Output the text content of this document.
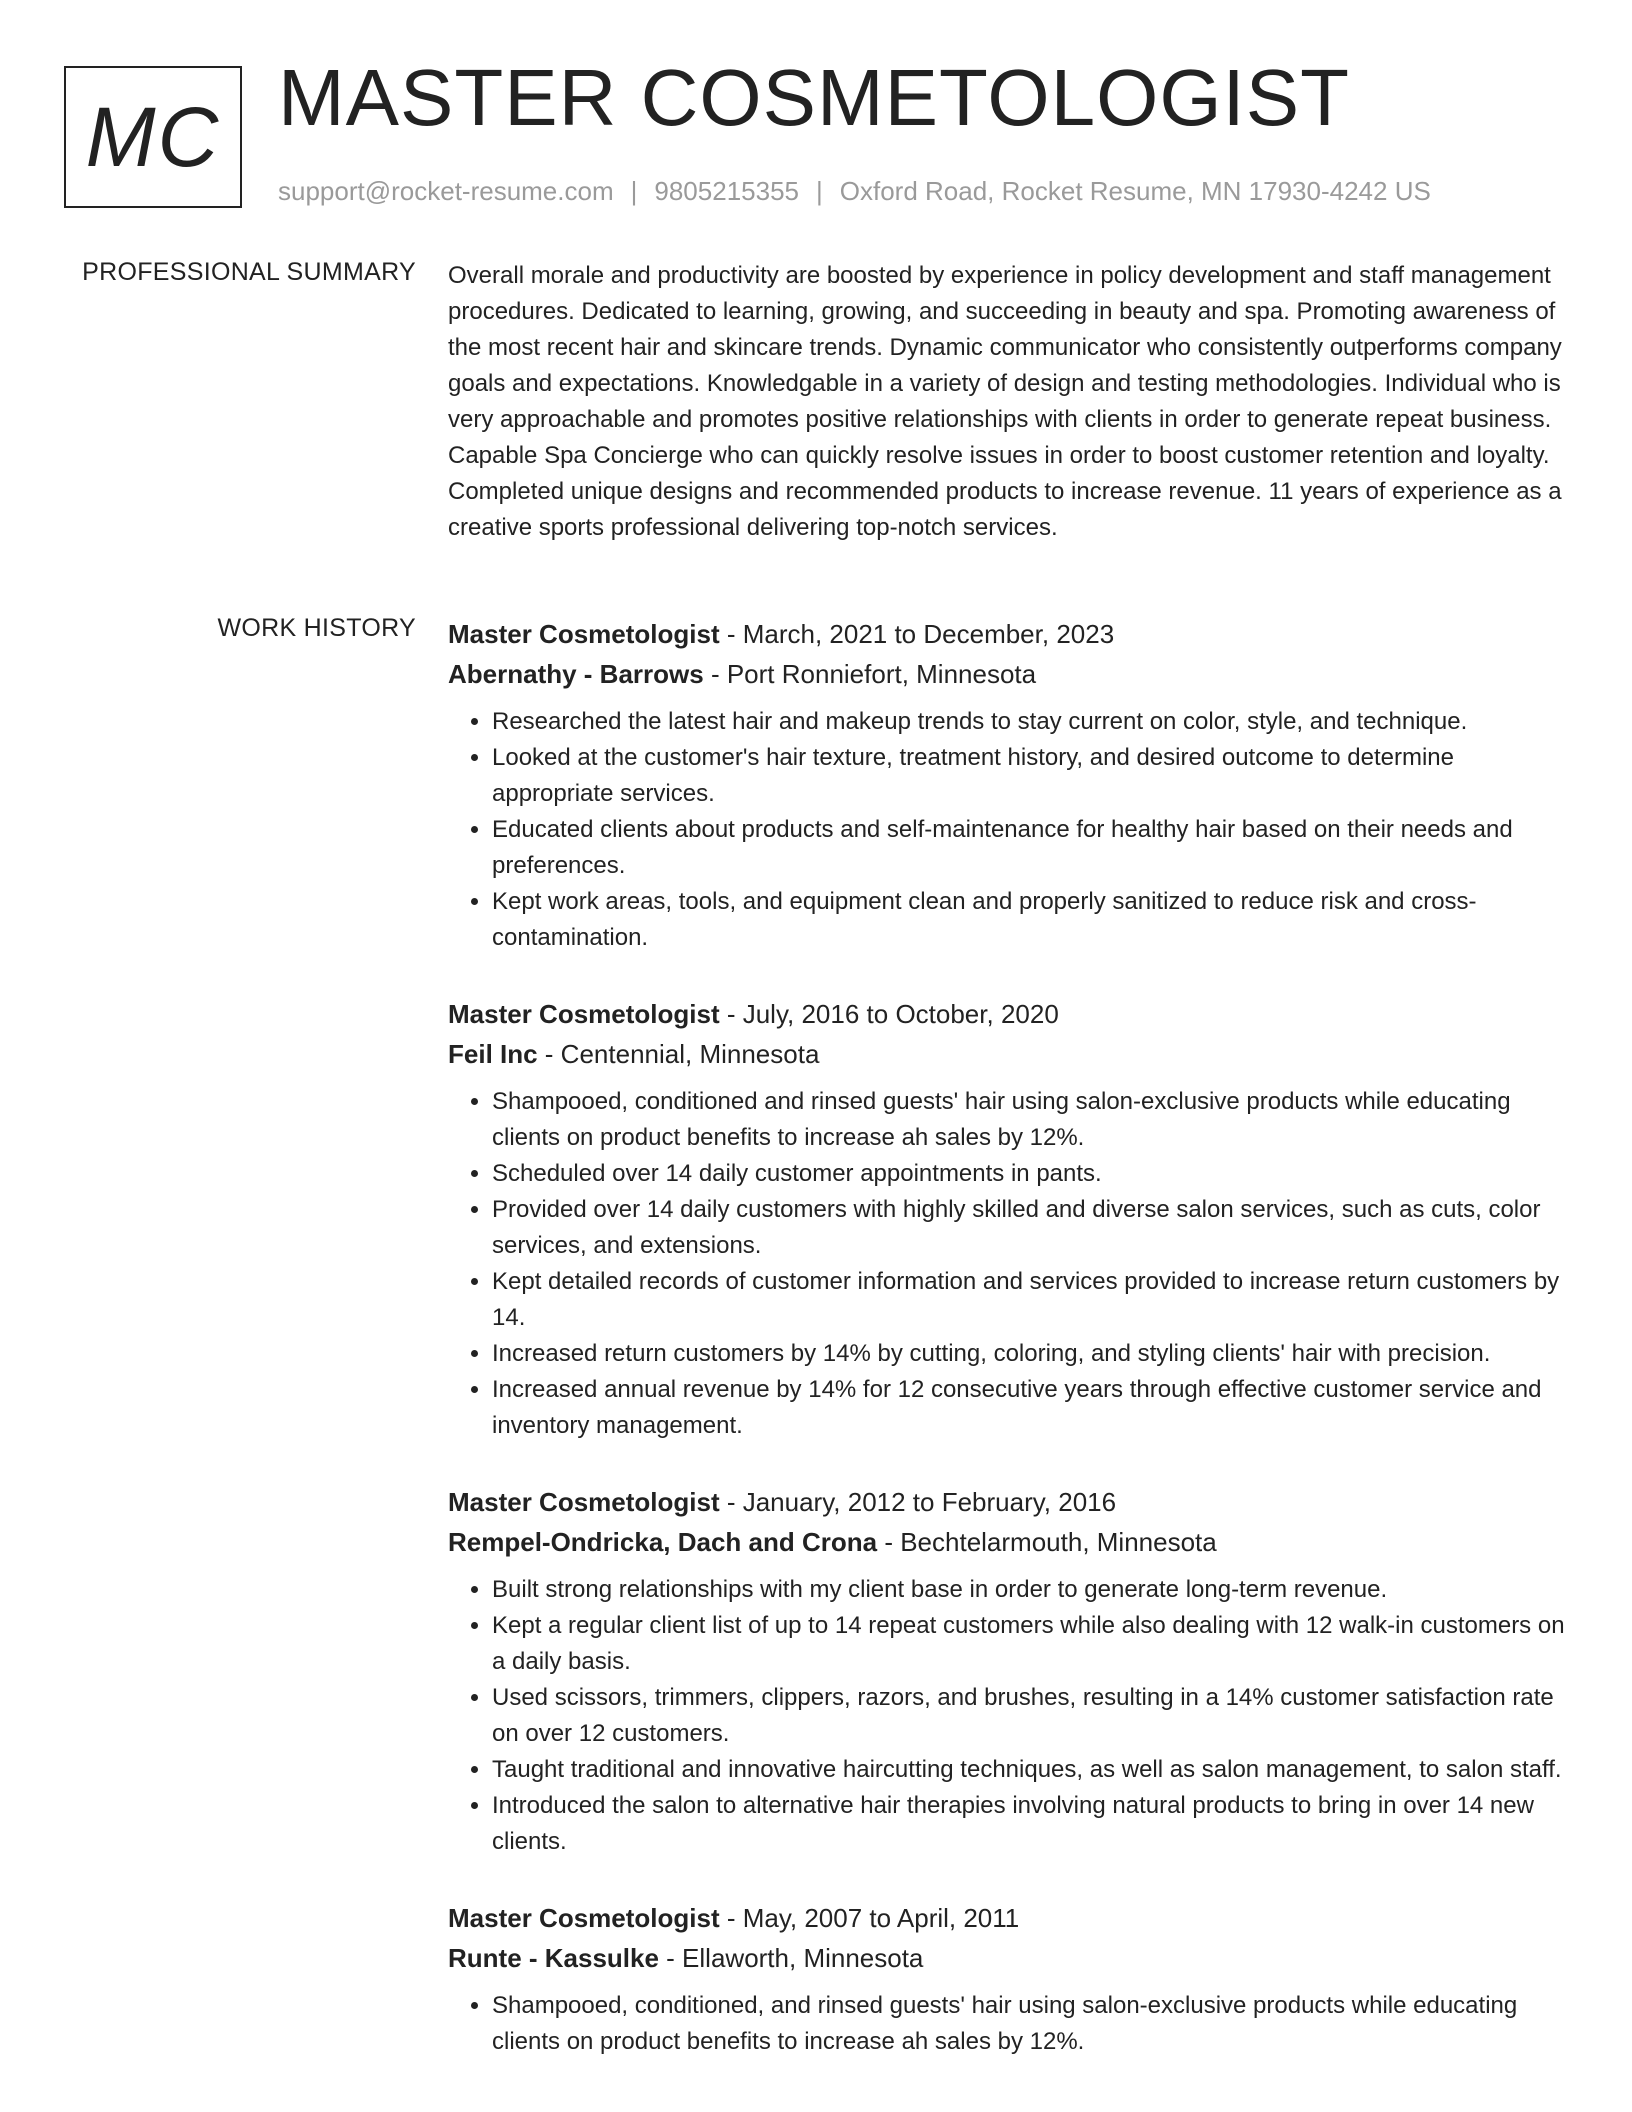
MC MASTER COSMETOLOGIST
support@rocket-resume.com | 9805215355 | Oxford Road, Rocket Resume, MN 17930-4242 US
PROFESSIONAL SUMMARY Overall morale and productivity are boosted by experience in policy development and staff management procedures. Dedicated to learning, growing, and succeeding in beauty and spa. Promoting awareness of the most recent hair and skincare trends. Dynamic communicator who consistently outperforms company goals and expectations. Knowledgable in a variety of design and testing methodologies. Individual who is very approachable and promotes positive relationships with clients in order to generate repeat business. Capable Spa Concierge who can quickly resolve issues in order to boost customer retention and loyalty. Completed unique designs and recommended products to increase revenue. 11 years of experience as a creative sports professional delivering top-notch services.

WORK HISTORY Master Cosmetologist - March, 2021 to December, 2023
Abernathy - Barrows - Port Ronniefort, Minnesota
• Researched the latest hair and makeup trends to stay current on color, style, and technique.
• Looked at the customer's hair texture, treatment history, and desired outcome to determine appropriate services.
• Educated clients about products and self-maintenance for healthy hair based on their needs and preferences.
• Kept work areas, tools, and equipment clean and properly sanitized to reduce risk and cross-contamination.
Master Cosmetologist - July, 2016 to October, 2020
Feil Inc - Centennial, Minnesota
• Shampooed, conditioned and rinsed guests' hair using salon-exclusive products while educating clients on product benefits to increase ah sales by 12%.
• Scheduled over 14 daily customer appointments in pants.
• Provided over 14 daily customers with highly skilled and diverse salon services, such as cuts, color services, and extensions.
• Kept detailed records of customer information and services provided to increase return customers by 14.
• Increased return customers by 14% by cutting, coloring, and styling clients' hair with precision.
• Increased annual revenue by 14% for 12 consecutive years through effective customer service and inventory management.
Master Cosmetologist - January, 2012 to February, 2016
Rempel-Ondricka, Dach and Crona - Bechtelarmouth, Minnesota
• Built strong relationships with my client base in order to generate long-term revenue.
• Kept a regular client list of up to 14 repeat customers while also dealing with 12 walk-in customers on a daily basis.
• Used scissors, trimmers, clippers, razors, and brushes, resulting in a 14% customer satisfaction rate on over 12 customers.
• Taught traditional and innovative haircutting techniques, as well as salon management, to salon staff.
• Introduced the salon to alternative hair therapies involving natural products to bring in over 14 new clients.
Master Cosmetologist - May, 2007 to April, 2011
Runte - Kassulke - Ellaworth, Minnesota
• Shampooed, conditioned, and rinsed guests' hair using salon-exclusive products while educating clients on product benefits to increase ah sales by 12%.
